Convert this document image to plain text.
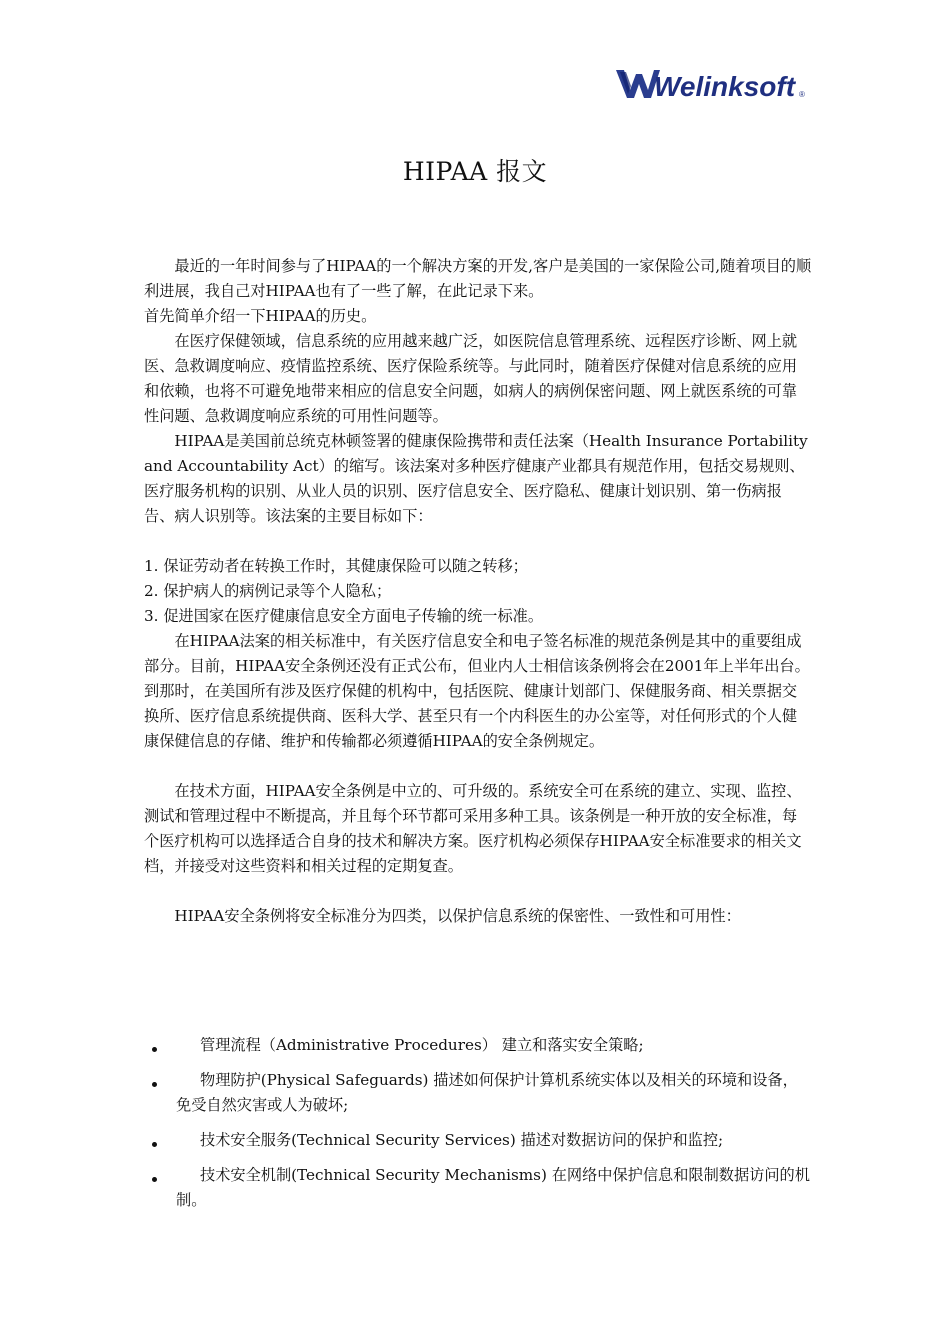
Welinksoft ®
HIPAA 报文

最近的一年时间参与了HIPAA的一个解决方案的开发,客户是美国的一家保险公司,随着项目的顺利进展，我自己对HIPAA也有了一些了解，在此记录下来。

首先简单介绍一下HIPAA的历史。

在医疗保健领域，信息系统的应用越来越广泛，如医院信息管理系统、远程医疗诊断、网上就医、急救调度响应、疫情监控系统、医疗保险系统等。与此同时，随着医疗保健对信息系统的应用和依赖，也将不可避免地带来相应的信息安全问题，如病人的病例保密问题、网上就医系统的可靠性问题、急救调度响应系统的可用性问题等。

HIPAA是美国前总统克林顿签署的健康保险携带和责任法案（Health Insurance Portability and Accountability Act）的缩写。该法案对多种医疗健康产业都具有规范作用，包括交易规则、医疗服务机构的识别、从业人员的识别、医疗信息安全、医疗隐私、健康计划识别、第一伤病报告、病人识别等。该法案的主要目标如下：

1. 保证劳动者在转换工作时，其健康保险可以随之转移；

2. 保护病人的病例记录等个人隐私；

3. 促进国家在医疗健康信息安全方面电子传输的统一标准。

在HIPAA法案的相关标准中，有关医疗信息安全和电子签名标准的规范条例是其中的重要组成部分。目前，HIPAA安全条例还没有正式公布，但业内人士相信该条例将会在2001年上半年出台。到那时，在美国所有涉及医疗保健的机构中，包括医院、健康计划部门、保健服务商、相关票据交换所、医疗信息系统提供商、医科大学、甚至只有一个内科医生的办公室等，对任何形式的个人健康保健信息的存储、维护和传输都必须遵循HIPAA的安全条例规定。

在技术方面，HIPAA安全条例是中立的、可升级的。系统安全可在系统的建立、实现、监控、测试和管理过程中不断提高，并且每个环节都可采用多种工具。该条例是一种开放的安全标准，每个医疗机构可以选择适合自身的技术和解决方案。医疗机构必须保存HIPAA安全标准要求的相关文档，并接受对这些资料和相关过程的定期复查。

HIPAA安全条例将安全标准分为四类，以保护信息系统的保密性、一致性和可用性：

管理流程（Administrative Procedures） 建立和落实安全策略;
物理防护(Physical Safeguards) 描述如何保护计算机系统实体以及相关的环境和设备， 免受自然灾害或人为破坏;
技术安全服务(Technical Security Services) 描述对数据访问的保护和监控;
技术安全机制(Technical Security Mechanisms) 在网络中保护信息和限制数据访问的机制。
